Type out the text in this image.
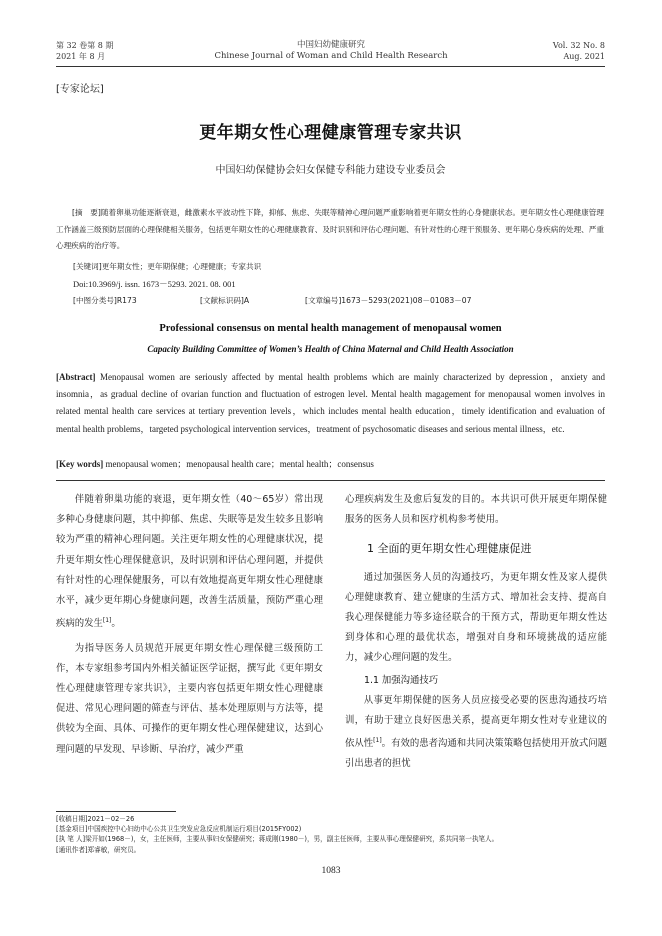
第 32 卷第 8 期
2021 年 8 月
中国妇幼健康研究
Chinese Journal of Woman and Child Health Research
Vol. 32 No. 8
Aug. 2021
[专家论坛]
更年期女性心理健康管理专家共识
中国妇幼保健协会妇女保健专科能力建设专业委员会
[摘　要]随着卵巢功能逐渐衰退，雌激素水平波动性下降，抑郁、焦虑、失眠等精神心理问题严重影响着更年期女性的心身健康状态。更年期女性心理健康管理工作涵盖三级预防层面的心理保健相关服务，包括更年期女性的心理健康教育、及时识别和评估心理问题、有针对性的心理干预服务、更年期心身疾病的处理、严重心理疾病的治疗等。
[关键词]更年期女性；更年期保健；心理健康；专家共识
Doi:10.3969/j. issn. 1673－5293. 2021. 08. 001
[中图分类号]R173	[文献标识码]A	[文章编号]1673－5293(2021)08－01083－07
Professional consensus on mental health management of menopausal women
Capacity Building Committee of Women’s Health of China Maternal and Child Health Association
[Abstract] Menopausal women are seriously affected by mental health problems which are mainly characterized by depression，anxiety and insomnia，as gradual decline of ovarian function and fluctuation of estrogen level. Mental health magagement for menopausal women involves in related mental health care services at tertiary prevention levels，which includes mental health education，timely identification and evaluation of mental health problems，targeted psychological intervention services，treatment of psychosomatic diseases and serious mental illness，etc.
[Key words] menopausal women；menopausal health care；mental health；consensus

伴随着卵巢功能的衰退，更年期女性（40～65岁）常出现多种心身健康问题，其中抑郁、焦虑、失眠等是发生较多且影响较为严重的精神心理问题。关注更年期女性的心理健康状况，提升更年期女性心理保健意识，及时识别和评估心理问题，并提供有针对性的心理保健服务，可以有效地提高更年期女性心理健康水平，减少更年期心身健康问题，改善生活质量，预防严重心理疾病的发生[1]。

为指导医务人员规范开展更年期女性心理保健三级预防工作，本专家组参考国内外相关循证医学证据，撰写此《更年期女性心理健康管理专家共识》，主要内容包括更年期女性心理健康促进、常见心理问题的筛查与评估、基本处理原则与方法等，提供较为全面、具体、可操作的更年期女性心理保健建议，达到心理问题的早发现、早诊断、早治疗，减少严重

心理疾病发生及愈后复发的目的。本共识可供开展更年期保健服务的医务人员和医疗机构参考使用。

1 全面的更年期女性心理健康促进

通过加强医务人员的沟通技巧，为更年期女性及家人提供心理健康教育、建立健康的生活方式、增加社会支持、提高自我心理保健能力等多途径联合的干预方式，帮助更年期女性达到身体和心理的最优状态，增强对自身和环境挑战的适应能力，减少心理问题的发生。

1.1 加强沟通技巧

从事更年期保健的医务人员应接受必要的医患沟通技巧培训，有助于建立良好医患关系，提高更年期女性对专业建议的依从性[1]。有效的患者沟通和共同决策策略包括使用开放式问题引出患者的担忧

[收稿日期]2021－02－26
[基金项目]中国疾控中心妇幼中心公共卫生突发应急反应机制运行项目(2015FY002)
[执 笔 人]梁开如(1968－)，女，主任医师，主要从事妇女保健研究；蒋成刚(1980－)，男，副主任医师，主要从事心理保健研究，系共同第一执笔人。
[通讯作者]郑睿敏，研究员。
1083
